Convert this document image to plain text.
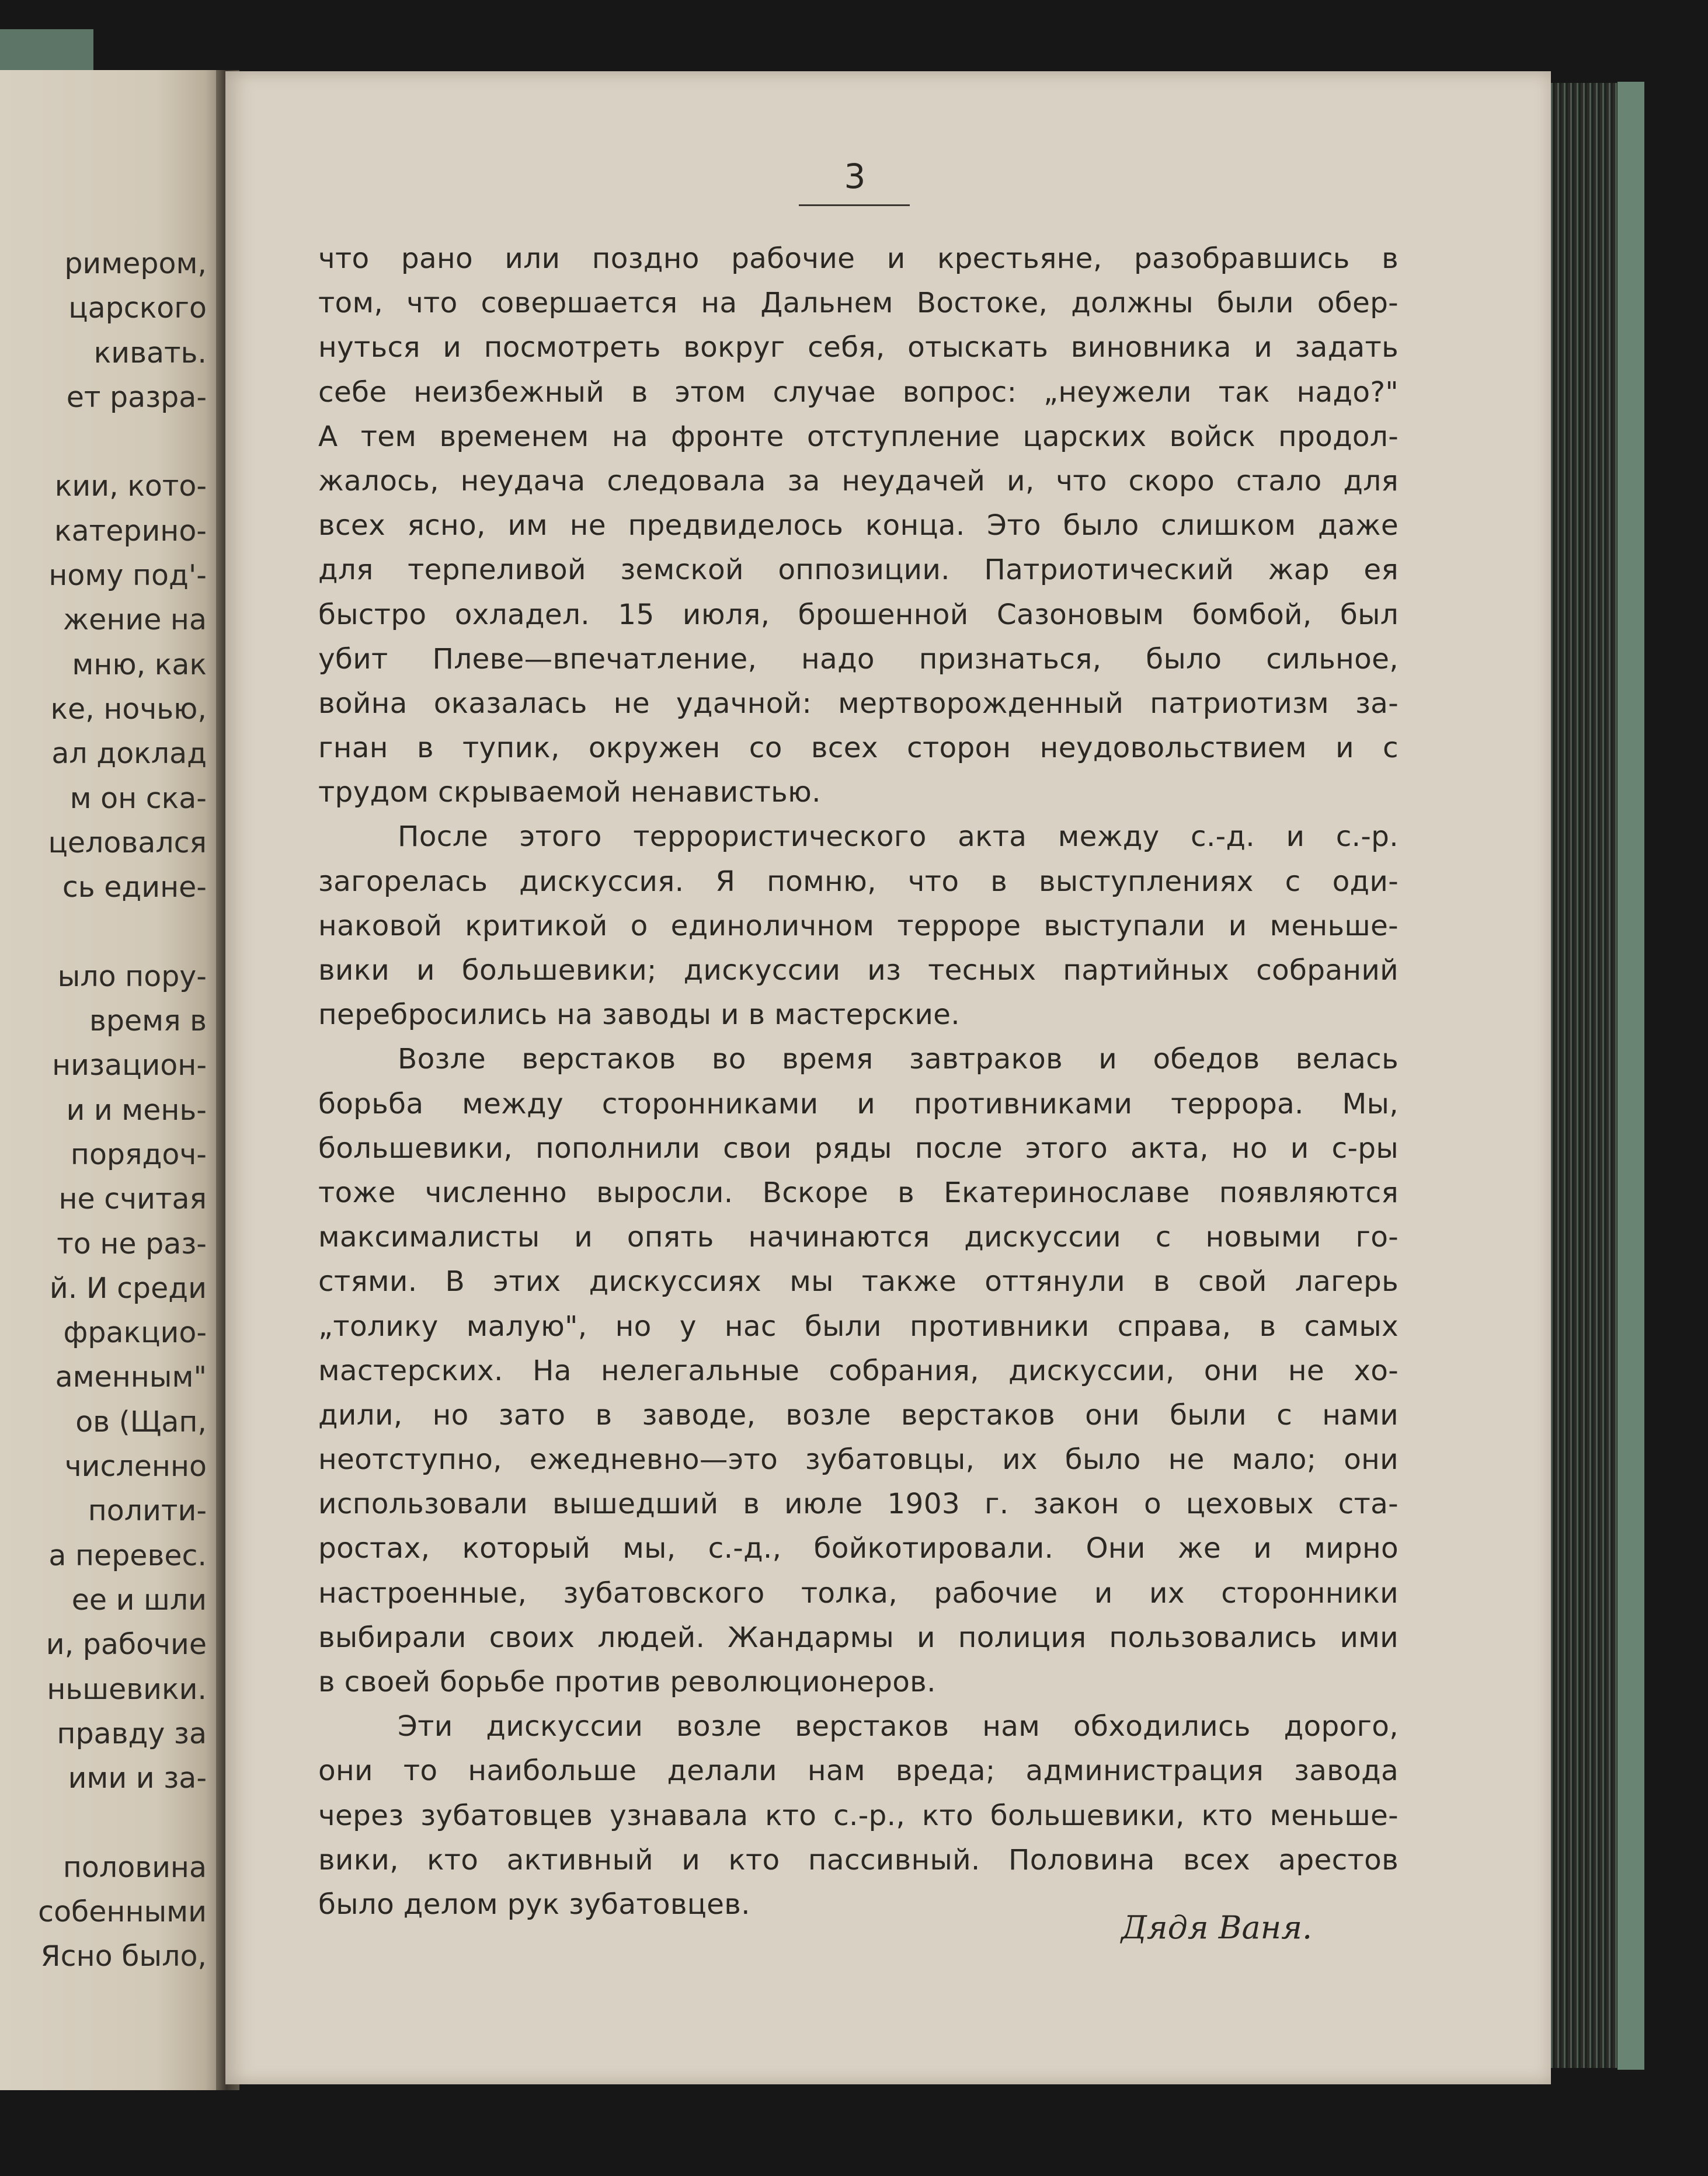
римером,
царского
кивать.
ет разра-
кии, кото-
катерино-
ному под'-
жение на
мню, как
ке, ночью,
ал доклад
м он ска-
целовался
сь едине-
ыло пору-
время в
низацион-
и и мень-
порядоч-
не считая
то не раз-
й. И среди
фракцио-
аменным"
ов (Щап,
численно
полити-
а перевес.
ее и шли
и, рабочие
ньшевики.
правду за
ими и за-
половина
собенными
Ясно было,
3
что рано или поздно рабочие и крестьяне, разобравшись в
том, что совершается на Дальнем Востоке, должны были обер-
нуться и посмотреть вокруг себя, отыскать виновника и задать
себе неизбежный в этом случае вопрос: „неужели так надо?"
А тем временем на фронте отступление царских войск продол-
жалось, неудача следовала за неудачей и, что скоро стало для
всех ясно, им не предвиделось конца. Это было слишком даже
для терпеливой земской оппозиции. Патриотический жар ея
быстро охладел. 15 июля, брошенной Сазоновым бомбой, был
убит Плеве—впечатление, надо признаться, было сильное,
война оказалась не удачной: мертворожденный патриотизм за-
гнан в тупик, окружен со всех сторон неудовольствием и с
трудом скрываемой ненавистью.
После этого террористического акта между с.-д. и с.-р.
загорелась дискуссия. Я помню, что в выступлениях с оди-
наковой критикой о единоличном терроре выступали и меньше-
вики и большевики; дискуссии из тесных партийных собраний
перебросились на заводы и в мастерские.
Возле верстаков во время завтраков и обедов велась
борьба между сторонниками и противниками террора. Мы,
большевики, пополнили свои ряды после этого акта, но и с-ры
тоже численно выросли. Вскоре в Екатеринославе появляются
максималисты и опять начинаются дискуссии с новыми го-
стями. В этих дискуссиях мы также оттянули в свой лагерь
„толику малую", но у нас были противники справа, в самых
мастерских. На нелегальные собрания, дискуссии, они не хо-
дили, но зато в заводе, возле верстаков они были с нами
неотступно, ежедневно—это зубатовцы, их было не мало; они
использовали вышедший в июле 1903 г. закон о цеховых ста-
ростах, который мы, с.-д., бойкотировали. Они же и мирно
настроенные, зубатовского толка, рабочие и их сторонники
выбирали своих людей. Жандармы и полиция пользовались ими
в своей борьбе против революционеров.
Эти дискуссии возле верстаков нам обходились дорого,
они то наибольше делали нам вреда; администрация завода
через зубатовцев узнавала кто с.-р., кто большевики, кто меньше-
вики, кто активный и кто пассивный. Половина всех арестов
было делом рук зубатовцев.
Дядя Ваня.
